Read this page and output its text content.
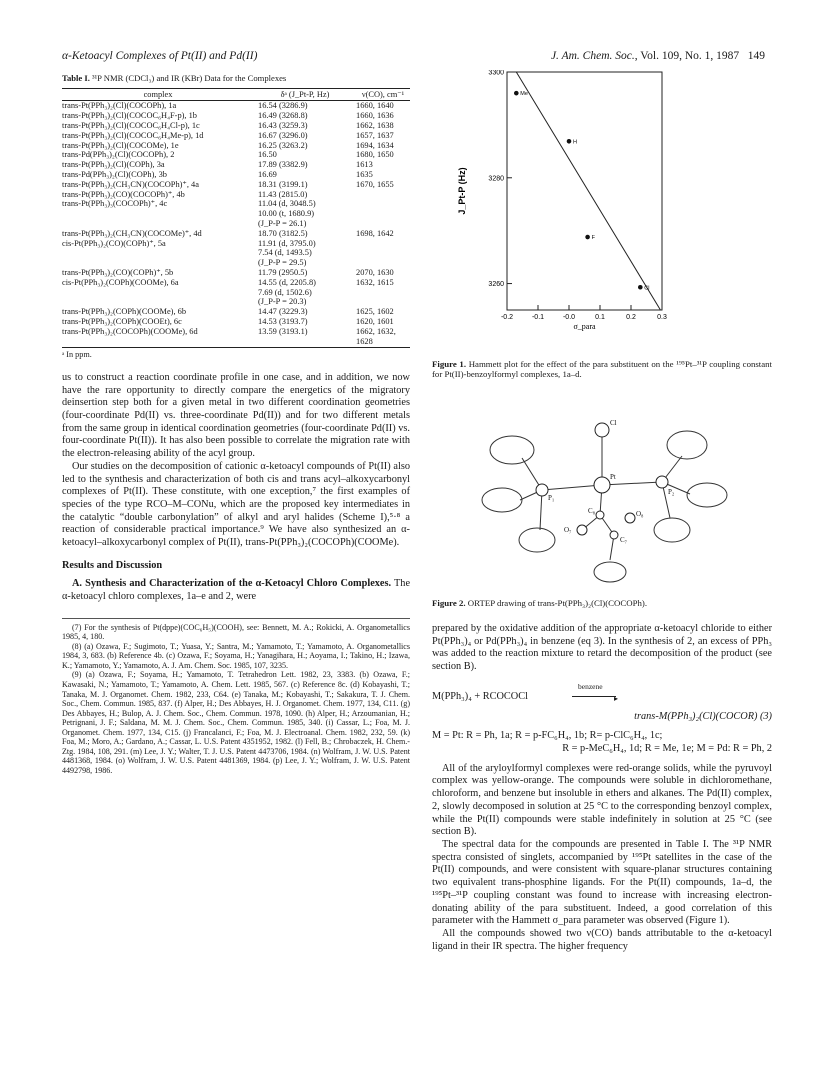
α-Ketoacyl Complexes of Pt(II) and Pd(II)	J. Am. Chem. Soc., Vol. 109, No. 1, 1987 149
Table I. ³¹P NMR (CDCl₃) and IR (KBr) Data for the Complexes
complex	δᵃ (J_Pt-P, Hz)	ν(CO), cm⁻¹
trans-Pt(PPh₃)₂(Cl)(COCOPh), 1a	16.54 (3286.9)	1660, 1640
trans-Pt(PPh₃)₂(Cl)(COCOC₆H₄F-p), 1b	16.49 (3268.8)	1660, 1636
trans-Pt(PPh₃)₂(Cl)(COCOC₆H₄Cl-p), 1c	16.43 (3259.3)	1662, 1638
trans-Pt(PPh₃)₂(Cl)(COCOC₆H₄Me-p), 1d	16.67 (3296.0)	1657, 1637
trans-Pt(PPh₃)₂(Cl)(COCOMe), 1e	16.25 (3263.2)	1694, 1634
trans-Pd(PPh₃)₂(Cl)(COCOPh), 2	16.50	1680, 1650
trans-Pt(PPh₃)₂(Cl)(COPh), 3a	17.89 (3382.9)	1613
trans-Pd(PPh₃)₂(Cl)(COPh), 3b	16.69	1635
trans-Pt(PPh₃)₂(CH₃CN)(COCOPh)⁺, 4a	18.31 (3199.1)	1670, 1655
trans-Pt(PPh₃)₂(CO)(COCOPh)⁺, 4b	11.43 (2815.0)	
trans-Pt(PPh₃)₃(COCOPh)⁺, 4c	11.04 (d, 3048.5)
10.00 (t, 1680.9)
(J_P-P = 26.1)	
trans-Pt(PPh₃)₂(CH₃CN)(COCOMe)⁺, 4d	18.70 (3182.5)	1698, 1642
cis-Pt(PPh₃)₂(CO)(COPh)⁺, 5a	11.91 (d, 3795.0)
7.54 (d, 1493.5)
(J_P-P = 29.5)	
trans-Pt(PPh₃)₂(CO)(COPh)⁺, 5b	11.79 (2950.5)	2070, 1630
cis-Pt(PPh₃)₂(COPh)(COOMe), 6a	14.55 (d, 2205.8)
7.69 (d, 1502.6)
(J_P-P = 20.3)	1632, 1615
trans-Pt(PPh₃)₂(COPh)(COOMe), 6b	14.47 (3229.3)	1625, 1602
trans-Pt(PPh₃)₂(COPh)(COOEt), 6c	14.53 (3193.7)	1620, 1601
trans-Pt(PPh₃)₂(COCOPh)(COOMe), 6d	13.59 (3193.1)	1662, 1632,
1628
ᵃ In ppm.

us to construct a reaction coordinate profile in one case, and in addition, we now have the rare opportunity to directly compare the energetics of the migratory deinsertion step both for a given metal in two different coordination geometries (four-coordinate Pd(II) vs. three-coordinate Pd(II)) and for two different metals from the same group in identical coordination geometries (four-coordinate Pd(II) vs. four-coordinate Pt(II)). It has also been possible to correlate the migration rate with the electron-releasing ability of the acyl group.

Our studies on the decomposition of cationic α-ketoacyl compounds of Pt(II) also led to the synthesis and characterization of both cis and trans acyl–alkoxycarbonyl complexes of Pt(II). These constitute, with one exception,⁷ the first examples of species of the type RCO–M–CONu, which are the proposed key intermediates in the catalytic “double carbonylation” of alkyl and aryl halides (Scheme I),⁵·⁸ a reaction of considerable practical importance.⁹ We have also synthesized an α-ketoacyl–alkoxycarbonyl complex of Pt(II), trans-Pt(PPh₃)₂(COCOPh)(COOMe).

Results and Discussion
A. Synthesis and Characterization of the α-Ketoacyl Chloro Complexes. The α-ketoacyl chloro complexes, 1a–e and 2, were
(7) For the synthesis of Pt(dppe)(COC₆H₅)(COOH), see: Bennett, M. A.; Rokicki, A. Organometallics 1985, 4, 180.
(8) (a) Ozawa, F.; Sugimoto, T.; Yuasa, Y.; Santra, M.; Yamamoto, T.; Yamamoto, A. Organometallics 1984, 3, 683. (b) Reference 4b. (c) Ozawa, F.; Soyama, H.; Yanagihara, H.; Aoyama, I.; Takino, H.; Izawa, K.; Yamamoto, Y.; Yamamoto, A. J. Am. Chem. Soc. 1985, 107, 3235.
(9) (a) Ozawa, F.; Soyama, H.; Yamamoto, T. Tetrahedron Lett. 1982, 23, 3383. (b) Ozawa, F.; Kawasaki, N.; Yamamoto, T.; Yamamoto, A. Chem. Lett. 1985, 567. (c) Reference 8c. (d) Kobayashi, T.; Tanaka, M. J. Organomet. Chem. 1982, 233, C64. (e) Tanaka, M.; Kobayashi, T.; Sakakura, T. J. Chem. Soc., Chem. Commun. 1985, 837. (f) Alper, H.; Des Abbayes, H. J. Organomet. Chem. 1977, 134, C11. (g) Des Abbayes, H.; Bulop, A. J. Chem. Soc., Chem. Commun. 1978, 1090. (h) Alper, H.; Arzoumanian, H.; Petrignani, J. F.; Saldana, M. M. J. Chem. Soc., Chem. Commun. 1985, 340. (i) Cassar, L.; Foa, M. J. Organomet. Chem. 1977, 134, C15. (j) Francalanci, F.; Foa, M. J. Electroanal. Chem. 1982, 232, 59. (k) Foa, M.; Moro, A.; Gardano, A.; Cassar, L. U.S. Patent 4351952, 1982. (l) Fell, B.; Chrobaczek, H. Chem.-Ztg. 1984, 108, 291. (m) Lee, J. Y.; Walter, T. J. U.S. Patent 4473706, 1984. (n) Wolfram, J. W. U.S. Patent 4481368, 1984. (o) Wolfram, J. W. U.S. Patent 4481369, 1984. (p) Lee, J. Y.; Wolfram, J. W. U.S. Patent 4492798, 1986.
-0.2	-0.1	-0.0	0.1	0.2	0.3
3300
3280
3260
Me
H
F
Cl
J_Pt-P (Hz)
σ_para
Figure 1. Hammett plot for the effect of the para substituent on the ¹⁹⁵Pt–³¹P coupling constant for Pt(II)-benzoylformyl complexes, 1a–d.
Cl
Pt
P₁
P₂
C₈	O₈
O₇
C₇
Figure 2. ORTEP drawing of trans-Pt(PPh₃)₂(Cl)(COCOPh).

prepared by the oxidative addition of the appropriate α-ketoacyl chloride to either Pt(PPh₃)₄ or Pd(PPh₃)₄ in benzene (eq 3). In the synthesis of 2, an excess of PPh₃ was added to the reaction mixture to retard the decomposition of the product (see section B).

M(PPh₃)₄ + RCOCOCl
benzene
▸
trans-M(PPh₃)₂(Cl)(COCOR) (3)
M = Pt: R = Ph, 1a; R = p-FC₆H₄, 1b; R= p-ClC₆H₄, 1c;
R = p-MeC₆H₄, 1d; R = Me, 1e; M = Pd: R = Ph, 2

All of the aryloylformyl complexes were red-orange solids, while the pyruvoyl complex was yellow-orange. The compounds were soluble in dichloromethane, chloroform, and benzene but insoluble in ethers and alkanes. The Pd(II) complex, 2, slowly decomposed in solution at 25 °C to the corresponding benzoyl complex, while the Pt(II) compounds were stable indefinitely in solution at 25 °C (see section B).

The spectral data for the compounds are presented in Table I. The ³¹P NMR spectra consisted of singlets, accompanied by ¹⁹⁵Pt satellites in the case of the Pt(II) compounds, and were consistent with square-planar structures containing two equivalent trans-phosphine ligands. For the Pt(II) compounds, 1a–d, the ¹⁹⁵Pt–³¹P coupling constant was found to increase with increasing electron-donating ability of the para substituent. Indeed, a good correlation of this parameter with the Hammett σ_para parameter was observed (Figure 1).

All the compounds showed two ν(CO) bands attributable to the α-ketoacyl ligand in their IR spectra. The higher frequency
